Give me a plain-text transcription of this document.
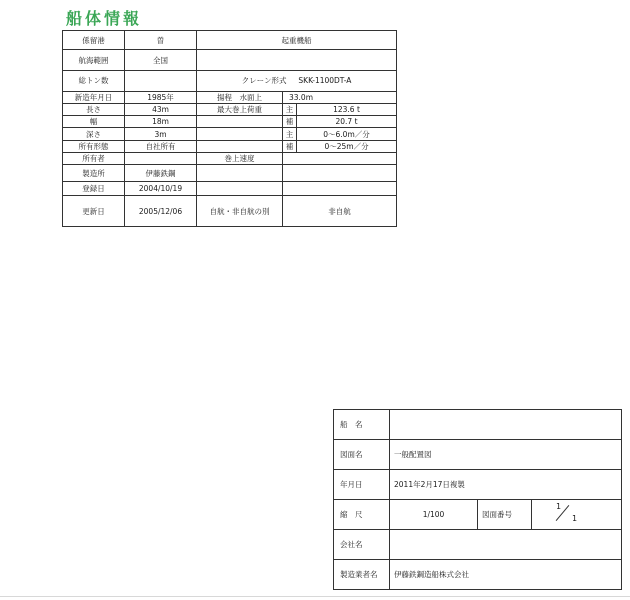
船体情報
係留港	曽	起重機船		
航海範囲	全国			
総トン数		クレーン形式 SKK-1100DT-A		
新造年月日	1985年	揚程　水面上	33.0m	
長さ	43m	最大巻上荷重	主	123.6 t
幅	18m		補	20.7 t
深さ	3m		主	0～6.0m／分
所有形態	自社所有		補	0～25m／分
所有者		巻上速度		
製造所	伊藤鉄鋼			
登録日	2004/10/19			
更新日	2005/12/06	自航・非自航の別	非自航	
船　名			
図面名	一般配置図		
年月日	2011年2月17日複製		
縮　尺	1/100	図面番号	1
1

会社名			
製造業者名	伊藤鉄鋼造船株式会社		
